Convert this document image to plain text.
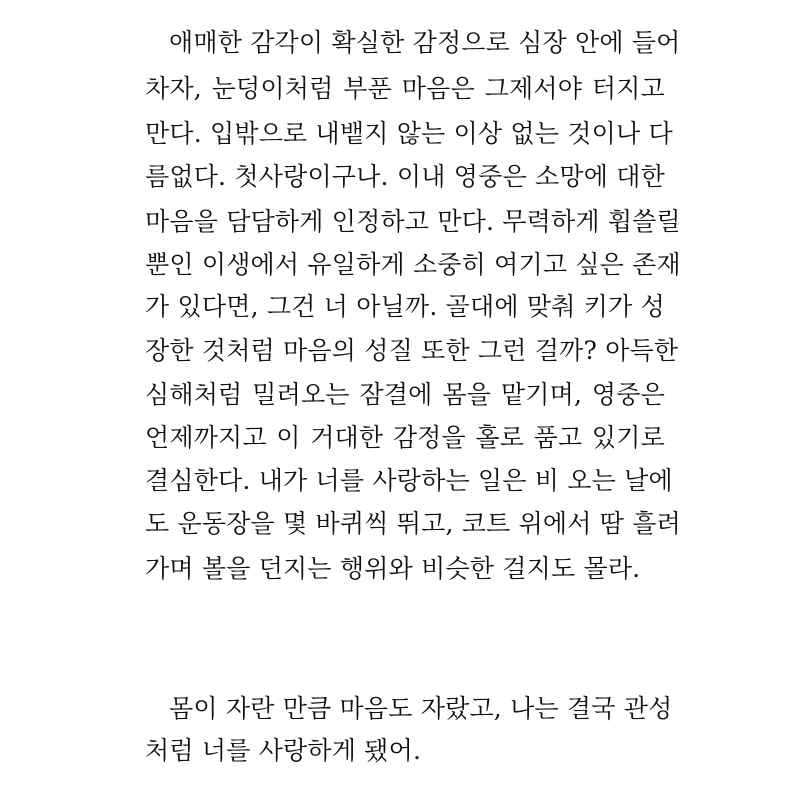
애매한 감각이 확실한 감정으로 심장 안에 들어
차자, 눈덩이처럼 부푼 마음은 그제서야 터지고
만다. 입밖으로 내뱉지 않는 이상 없는 것이나 다
름없다. 첫사랑이구나. 이내 영중은 소망에 대한
마음을 담담하게 인정하고 만다. 무력하게 휩쓸릴
뿐인 이생에서 유일하게 소중히 여기고 싶은 존재
가 있다면, 그건 너 아닐까. 골대에 맞춰 키가 성
장한 것처럼 마음의 성질 또한 그런 걸까? 아득한
심해처럼 밀려오는 잠결에 몸을 맡기며, 영중은
언제까지고 이 거대한 감정을 홀로 품고 있기로
결심한다. 내가 너를 사랑하는 일은 비 오는 날에
도 운동장을 몇 바퀴씩 뛰고, 코트 위에서 땀 흘려
가며 볼을 던지는 행위와 비슷한 걸지도 몰라.
몸이 자란 만큼 마음도 자랐고, 나는 결국 관성
처럼 너를 사랑하게 됐어.
